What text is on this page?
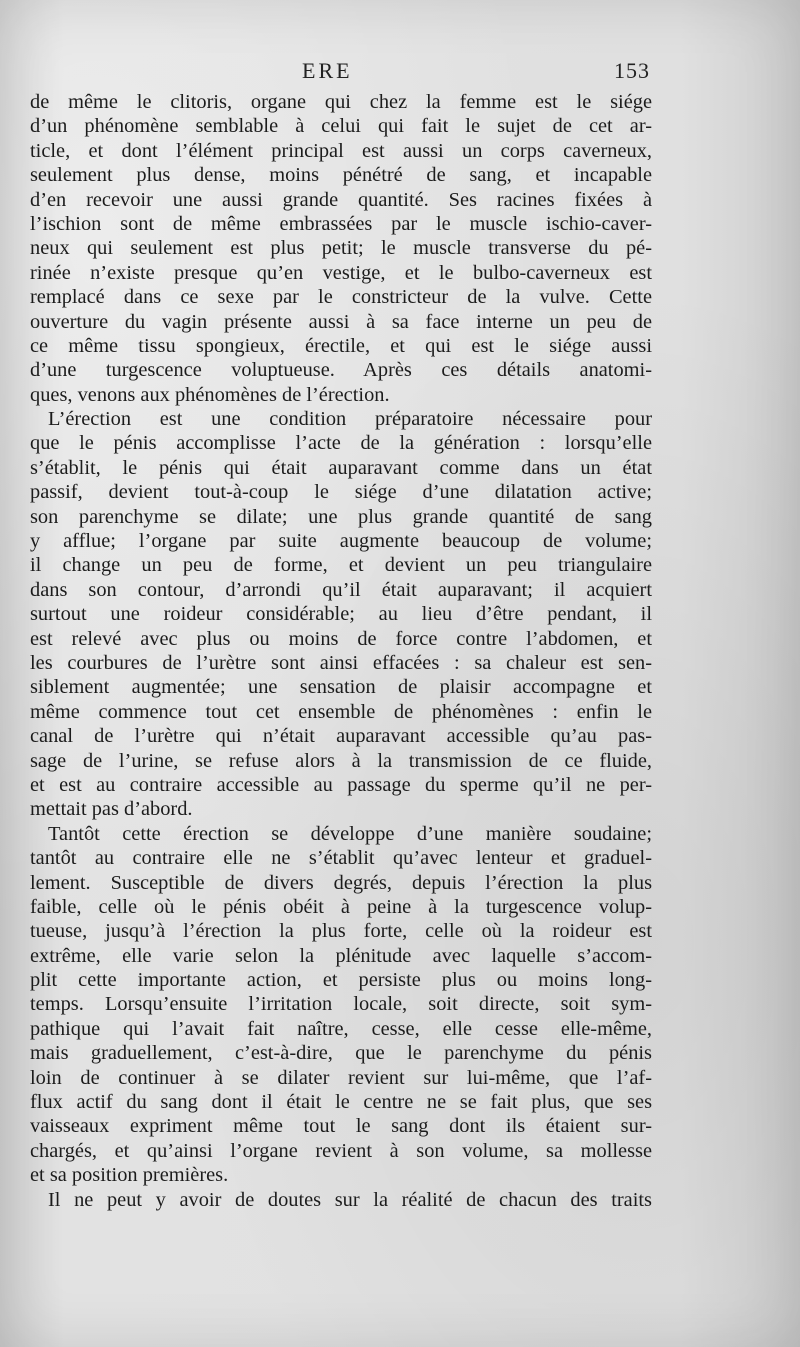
ERE	153
de même le clitoris, organe qui chez la femme est le siége
d’un phénomène semblable à celui qui fait le sujet de cet ar-
ticle, et dont l’élément principal est aussi un corps caverneux,
seulement plus dense, moins pénétré de sang, et incapable
d’en recevoir une aussi grande quantité. Ses racines fixées à
l’ischion sont de même embrassées par le muscle ischio-caver-
neux qui seulement est plus petit; le muscle transverse du pé-
rinée n’existe presque qu’en vestige, et le bulbo-caverneux est
remplacé dans ce sexe par le constricteur de la vulve. Cette
ouverture du vagin présente aussi à sa face interne un peu de
ce même tissu spongieux, érectile, et qui est le siége aussi
d’une turgescence voluptueuse. Après ces détails anatomi-
ques, venons aux phénomènes de l’érection.
L’érection est une condition préparatoire nécessaire pour
que le pénis accomplisse l’acte de la génération : lorsqu’elle
s’établit, le pénis qui était auparavant comme dans un état
passif, devient tout-à-coup le siége d’une dilatation active;
son parenchyme se dilate; une plus grande quantité de sang
y afflue; l’organe par suite augmente beaucoup de volume;
il change un peu de forme, et devient un peu triangulaire
dans son contour, d’arrondi qu’il était auparavant; il acquiert
surtout une roideur considérable; au lieu d’être pendant, il
est relevé avec plus ou moins de force contre l’abdomen, et
les courbures de l’urètre sont ainsi effacées : sa chaleur est sen-
siblement augmentée; une sensation de plaisir accompagne et
même commence tout cet ensemble de phénomènes : enfin le
canal de l’urètre qui n’était auparavant accessible qu’au pas-
sage de l’urine, se refuse alors à la transmission de ce fluide,
et est au contraire accessible au passage du sperme qu’il ne per-
mettait pas d’abord.
Tantôt cette érection se développe d’une manière soudaine;
tantôt au contraire elle ne s’établit qu’avec lenteur et graduel-
lement. Susceptible de divers degrés, depuis l’érection la plus
faible, celle où le pénis obéit à peine à la turgescence volup-
tueuse, jusqu’à l’érection la plus forte, celle où la roideur est
extrême, elle varie selon la plénitude avec laquelle s’accom-
plit cette importante action, et persiste plus ou moins long-
temps. Lorsqu’ensuite l’irritation locale, soit directe, soit sym-
pathique qui l’avait fait naître, cesse, elle cesse elle-même,
mais graduellement, c’est-à-dire, que le parenchyme du pénis
loin de continuer à se dilater revient sur lui-même, que l’af-
flux actif du sang dont il était le centre ne se fait plus, que ses
vaisseaux expriment même tout le sang dont ils étaient sur-
chargés, et qu’ainsi l’organe revient à son volume, sa mollesse
et sa position premières.
Il ne peut y avoir de doutes sur la réalité de chacun des traits
